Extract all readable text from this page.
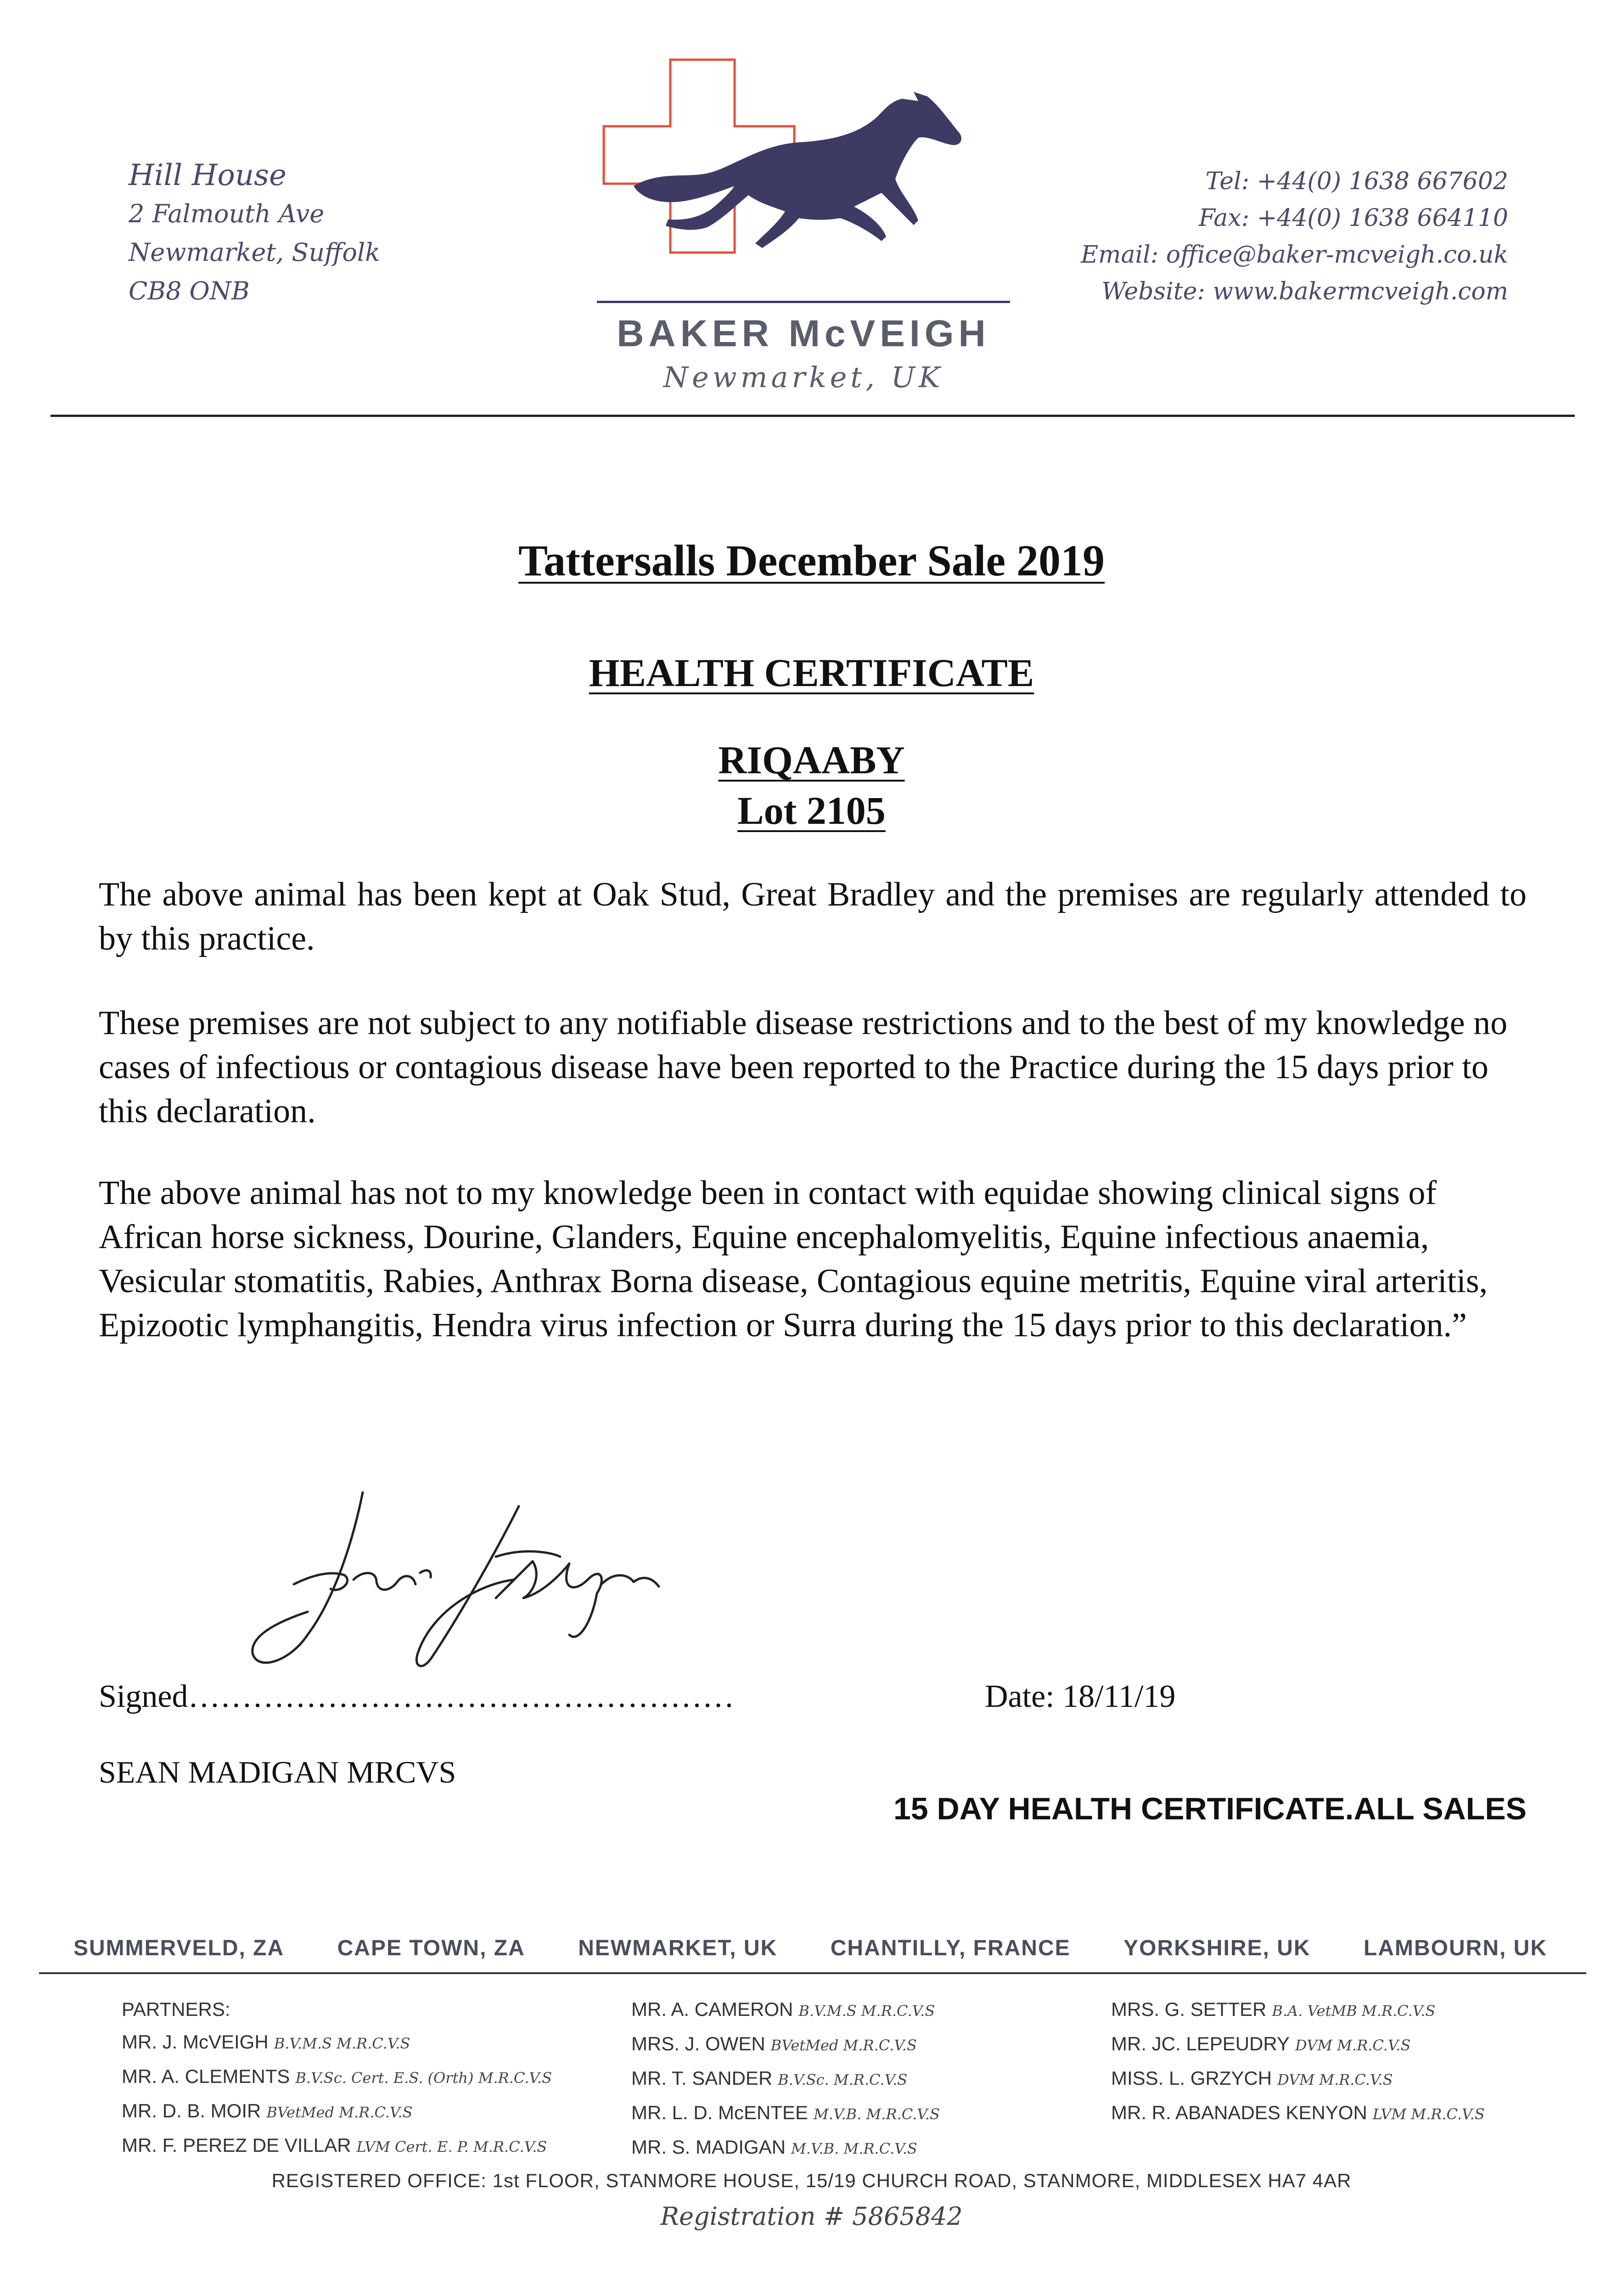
Hill House
2 Falmouth Ave
Newmarket, Suffolk
CB8 ONB
BAKER McVEIGH
Newmarket, UK
Tel: +44(0) 1638 667602
Fax: +44(0) 1638 664110
Email: office@baker-mcveigh.co.uk
Website: www.bakermcveigh.com
Tattersalls December Sale 2019
HEALTH CERTIFICATE
RIQAABY
Lot 2105
The above animal has been kept at Oak Stud, Great Bradley and the premises are regularly attended to by this practice.
These premises are not subject to any notifiable disease restrictions and to the best of my knowledge no cases of infectious or contagious disease have been reported to the Practice during the 15 days prior to this declaration.
The above animal has not to my knowledge been in contact with equidae showing clinical signs of African horse sickness, Dourine, Glanders, Equine encephalomyelitis, Equine infectious anaemia, Vesicular stomatitis, Rabies, Anthrax Borna disease, Contagious equine metritis, Equine viral arteritis, Epizootic lymphangitis, Hendra virus infection or Surra during the 15 days prior to this declaration.”
Signed……………………………………………	Date: 18/11/19
SEAN MADIGAN MRCVS
15 DAY HEALTH CERTIFICATE.ALL SALES
SUMMERVELD, ZA CAPE TOWN, ZA NEWMARKET, UK CHANTILLY, FRANCE YORKSHIRE, UK LAMBOURN, UK
PARTNERS:
MR. J. McVEIGH B.V.M.S M.R.C.V.S
MR. A. CLEMENTS B.V.Sc. Cert. E.S. (Orth) M.R.C.V.S
MR. D. B. MOIR BVetMed M.R.C.V.S
MR. F. PEREZ DE VILLAR LVM Cert. E. P. M.R.C.V.S
MR. A. CAMERON B.V.M.S M.R.C.V.S
MRS. J. OWEN BVetMed M.R.C.V.S
MR. T. SANDER B.V.Sc. M.R.C.V.S
MR. L. D. McENTEE M.V.B. M.R.C.V.S
MR. S. MADIGAN M.V.B. M.R.C.V.S
MRS. G. SETTER B.A. VetMB M.R.C.V.S
MR. JC. LEPEUDRY DVM M.R.C.V.S
MISS. L. GRZYCH DVM M.R.C.V.S
MR. R. ABANADES KENYON LVM M.R.C.V.S
REGISTERED OFFICE: 1st FLOOR, STANMORE HOUSE, 15/19 CHURCH ROAD, STANMORE, MIDDLESEX HA7 4AR
Registration # 5865842
